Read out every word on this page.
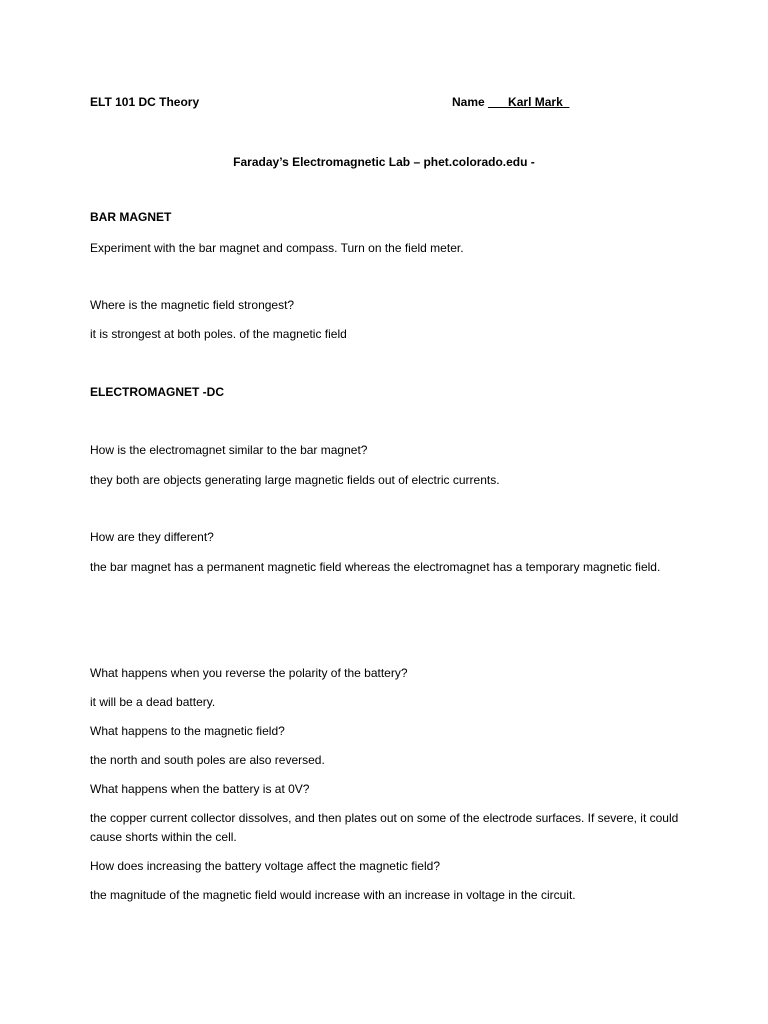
ELT 101 DC Theory	Name ___Karl Mark_
Faraday’s Electromagnetic Lab – phet.colorado.edu -
BAR MAGNET
Experiment with the bar magnet and compass. Turn on the field meter.
Where is the magnetic field strongest?
it is strongest at both poles. of the magnetic field
ELECTROMAGNET -DC
How is the electromagnet similar to the bar magnet?
they both are objects generating large magnetic fields out of electric currents.
How are they different?
the bar magnet has a permanent magnetic field whereas the electromagnet has a temporary magnetic field.
What happens when you reverse the polarity of the battery?
it will be a dead battery.
What happens to the magnetic field?
the north and south poles are also reversed.
What happens when the battery is at 0V?
the copper current collector dissolves, and then plates out on some of the electrode surfaces. If severe, it could cause shorts within the cell.
How does increasing the battery voltage affect the magnetic field?
the magnitude of the magnetic field would increase with an increase in voltage in the circuit.
